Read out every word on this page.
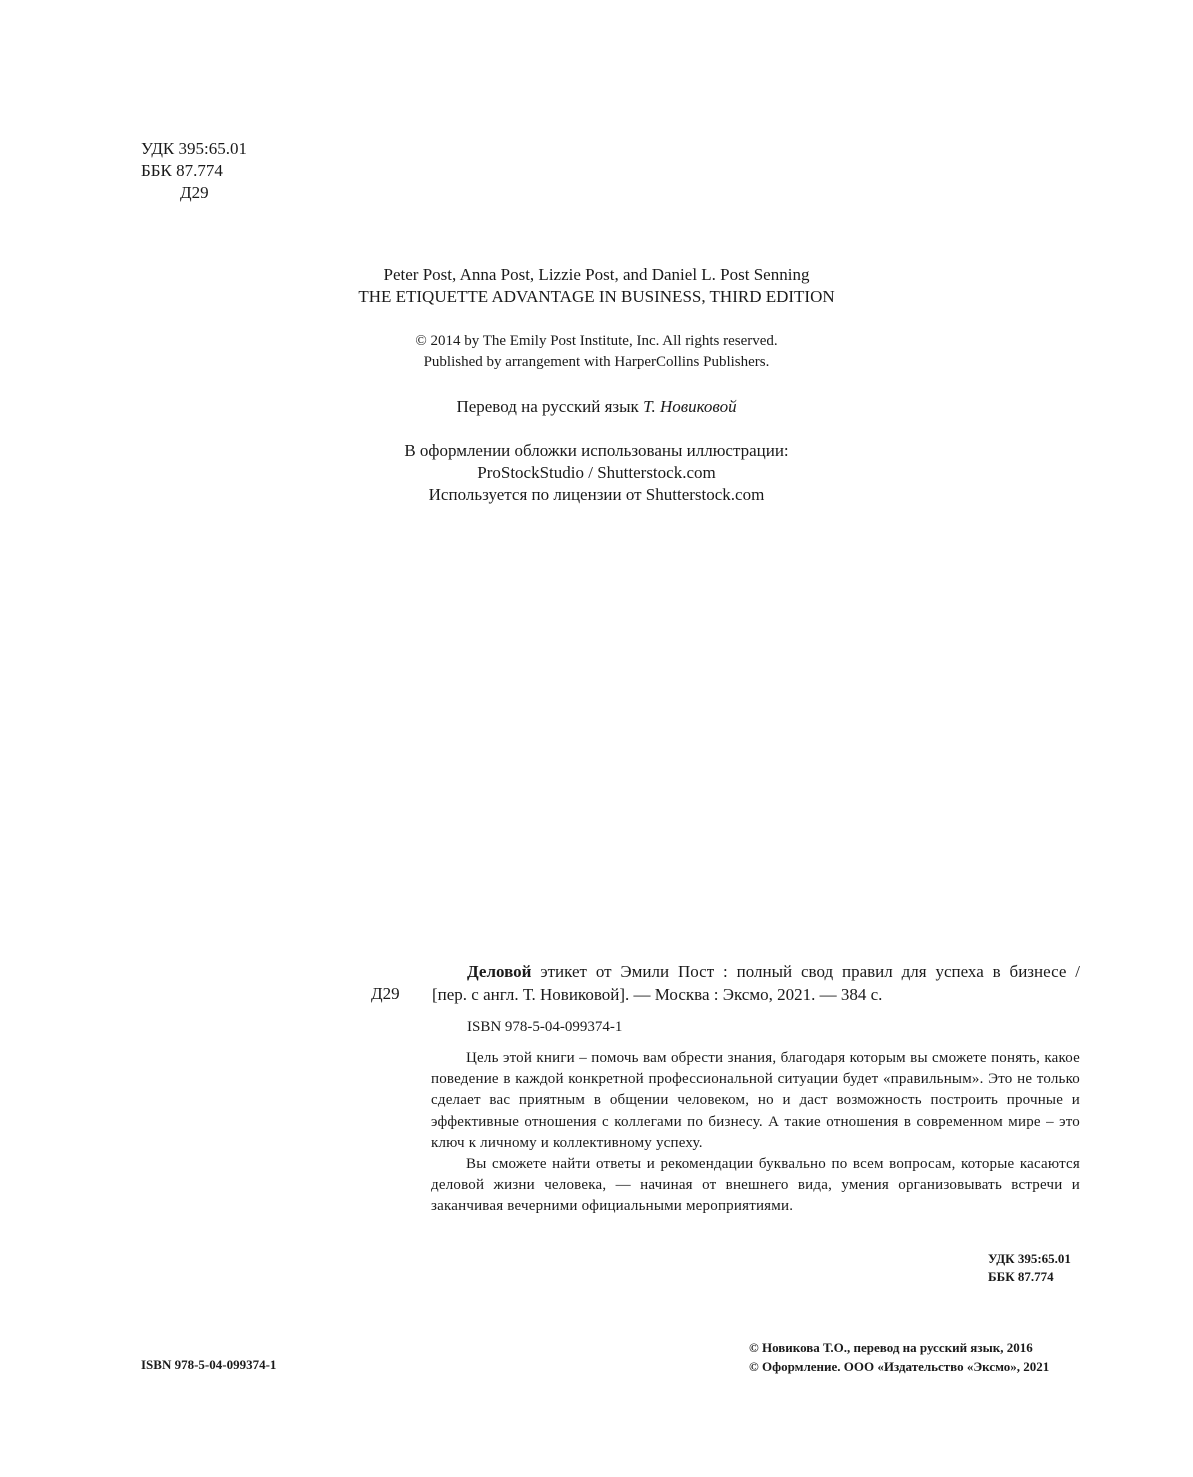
УДК 395:65.01
ББК 87.774
Д29
Peter Post, Anna Post, Lizzie Post, and Daniel L. Post Senning
THE ETIQUETTE ADVANTAGE IN BUSINESS, THIRD EDITION
© 2014 by The Emily Post Institute, Inc. All rights reserved.
Published by arrangement with HarperCollins Publishers.
Перевод на русский язык Т. Новиковой
В оформлении обложки использованы иллюстрации:
ProStockStudio / Shutterstock.com
Используется по лицензии от Shutterstock.com
Д29
Деловой этикет от Эмили Пост : полный свод правил для успеха в бизнесе /
[пер. с англ. Т. Новиковой]. — Москва : Эксмо, 2021. — 384 с.
ISBN 978-5-04-099374-1

Цель этой книги – помочь вам обрести знания, благодаря которым вы сможете понять, какое поведение в каждой конкретной профессиональной ситуации будет «правильным». Это не только сделает вас приятным в общении человеком, но и даст возможность построить прочные и эффективные отношения с коллегами по бизнесу. А такие отношения в современном мире – это ключ к личному и коллективному успеху.

Вы сможете найти ответы и рекомендации буквально по всем вопросам, которые касаются деловой жизни человека, — начиная от внешнего вида, умения организовывать встречи и заканчивая вечерними официальными мероприятиями.

УДК 395:65.01
ББК 87.774
ISBN 978-5-04-099374-1
© Новикова Т.О., перевод на русский язык, 2016
© Оформление. ООО «Издательство «Эксмо», 2021
